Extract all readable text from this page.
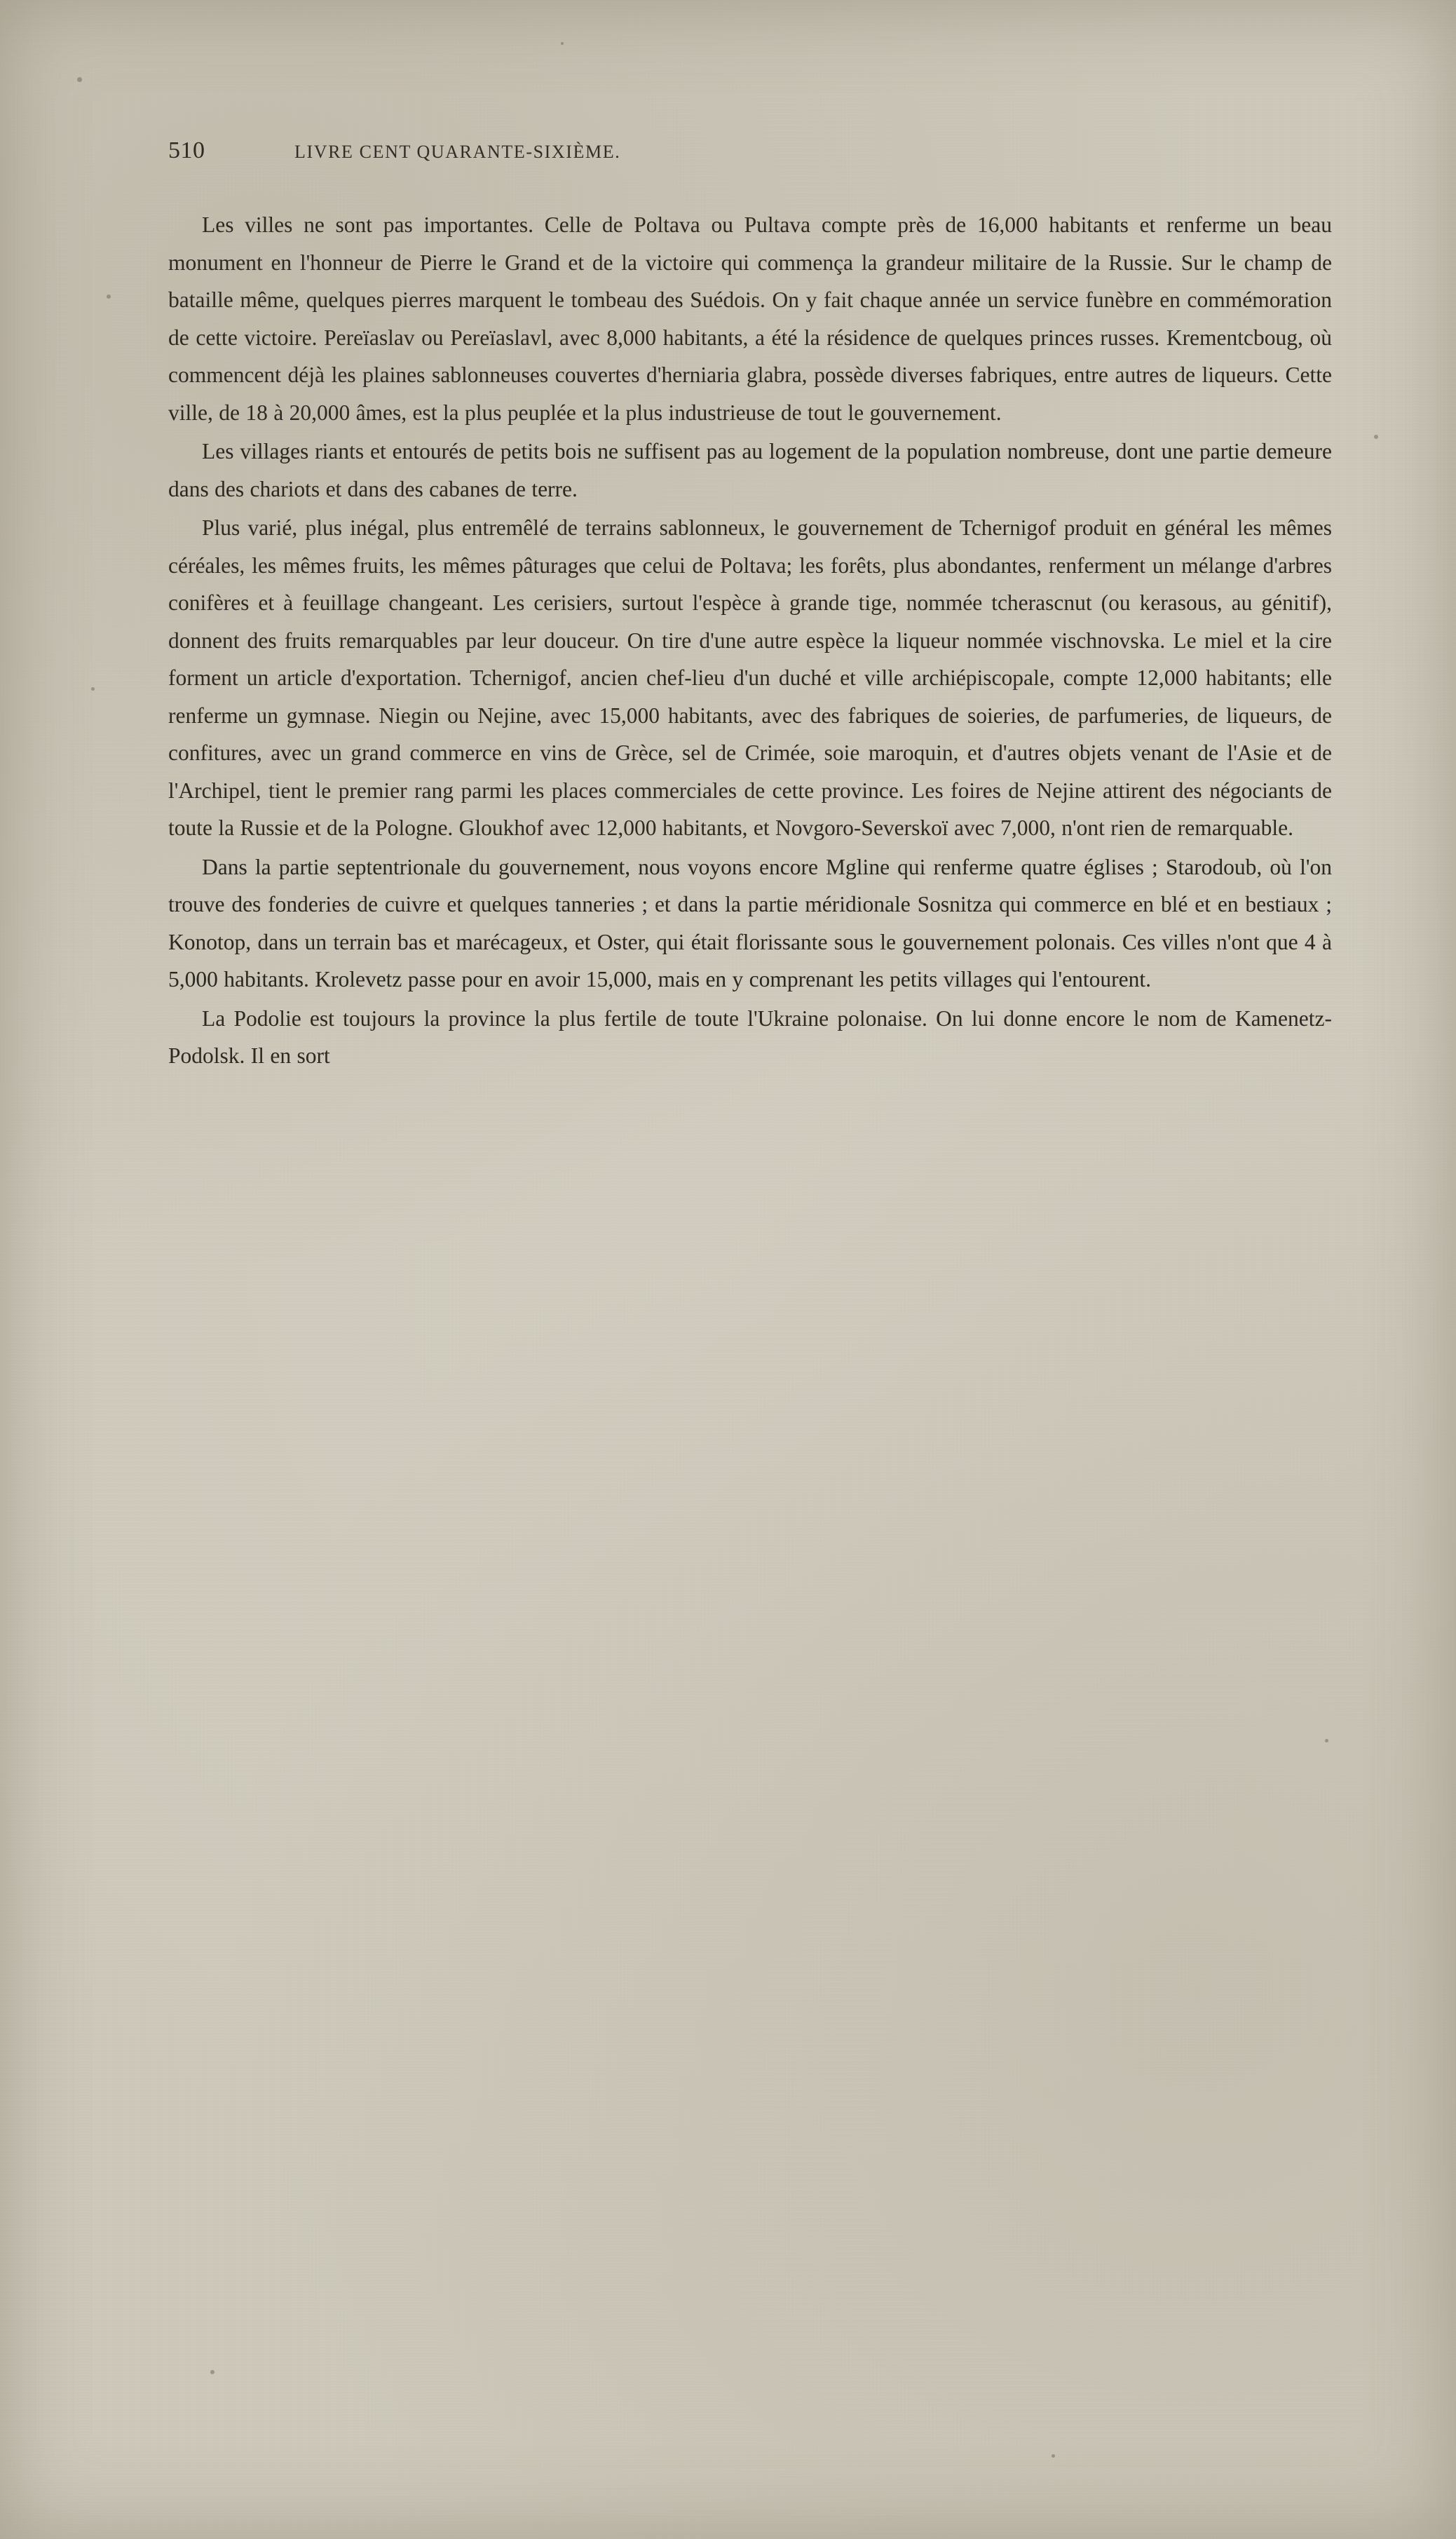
510	LIVRE CENT QUARANTE-SIXIÈME.

Les villes ne sont pas importantes. Celle de Poltava ou Pultava compte près de 16,000 habitants et renferme un beau monument en l'honneur de Pierre le Grand et de la victoire qui commença la grandeur militaire de la Russie. Sur le champ de bataille même, quelques pierres marquent le tombeau des Suédois. On y fait chaque année un service funèbre en commémoration de cette victoire. Pereïaslav ou Pereïaslavl, avec 8,000 habitants, a été la résidence de quelques princes russes. Krementcboug, où commencent déjà les plaines sablonneuses couvertes d'herniaria glabra, possède diverses fabriques, entre autres de liqueurs. Cette ville, de 18 à 20,000 âmes, est la plus peuplée et la plus industrieuse de tout le gouvernement.

Les villages riants et entourés de petits bois ne suffisent pas au logement de la population nombreuse, dont une partie demeure dans des chariots et dans des cabanes de terre.

Plus varié, plus inégal, plus entremêlé de terrains sablonneux, le gouvernement de Tchernigof produit en général les mêmes céréales, les mêmes fruits, les mêmes pâturages que celui de Poltava; les forêts, plus abondantes, renferment un mélange d'arbres conifères et à feuillage changeant. Les cerisiers, surtout l'espèce à grande tige, nommée tcherascnut (ou kerasous, au génitif), donnent des fruits remarquables par leur douceur. On tire d'une autre espèce la liqueur nommée vischnovska. Le miel et la cire forment un article d'exportation. Tchernigof, ancien chef-lieu d'un duché et ville archiépiscopale, compte 12,000 habitants; elle renferme un gymnase. Niegin ou Nejine, avec 15,000 habitants, avec des fabriques de soieries, de parfumeries, de liqueurs, de confitures, avec un grand commerce en vins de Grèce, sel de Crimée, soie maroquin, et d'autres objets venant de l'Asie et de l'Archipel, tient le premier rang parmi les places commerciales de cette province. Les foires de Nejine attirent des négociants de toute la Russie et de la Pologne. Gloukhof avec 12,000 habitants, et Novgoro-Severskoï avec 7,000, n'ont rien de remarquable.

Dans la partie septentrionale du gouvernement, nous voyons encore Mgline qui renferme quatre églises ; Starodoub, où l'on trouve des fonderies de cuivre et quelques tanneries ; et dans la partie méridionale Sosnitza qui commerce en blé et en bestiaux ; Konotop, dans un terrain bas et marécageux, et Oster, qui était florissante sous le gouvernement polonais. Ces villes n'ont que 4 à 5,000 habitants. Krolevetz passe pour en avoir 15,000, mais en y comprenant les petits villages qui l'entourent.

La Podolie est toujours la province la plus fertile de toute l'Ukraine polonaise. On lui donne encore le nom de Kamenetz-Podolsk. Il en sort
